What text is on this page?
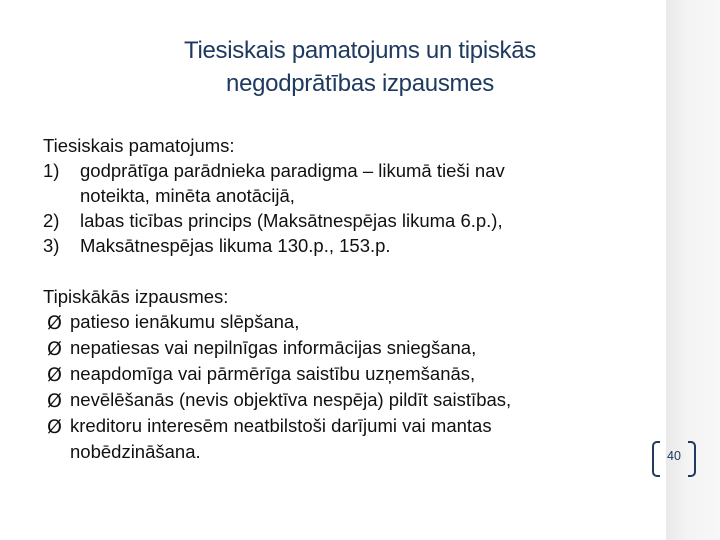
Tiesiskais pamatojums un tipiskās
negodprātības izpausmes
Tiesiskais pamatojums:
1) godprātīga parādnieka paradigma – likumā tieši nav
noteikta, minēta anotācijā,
2) labas ticības princips (Maksātnespējas likuma 6.p.),
3) Maksātnespējas likuma 130.p., 153.p.
Tipiskākās izpausmes:
Ø patieso ienākumu slēpšana,
Ø nepatiesas vai nepilnīgas informācijas sniegšana,
Ø neapdomīga vai pārmērīga saistību uzņemšanās,
Ø nevēlēšanās (nevis objektīva nespēja) pildīt saistības,
Ø kreditoru interesēm neatbilstoši darījumi vai mantas
nobēdzināšana.	40
